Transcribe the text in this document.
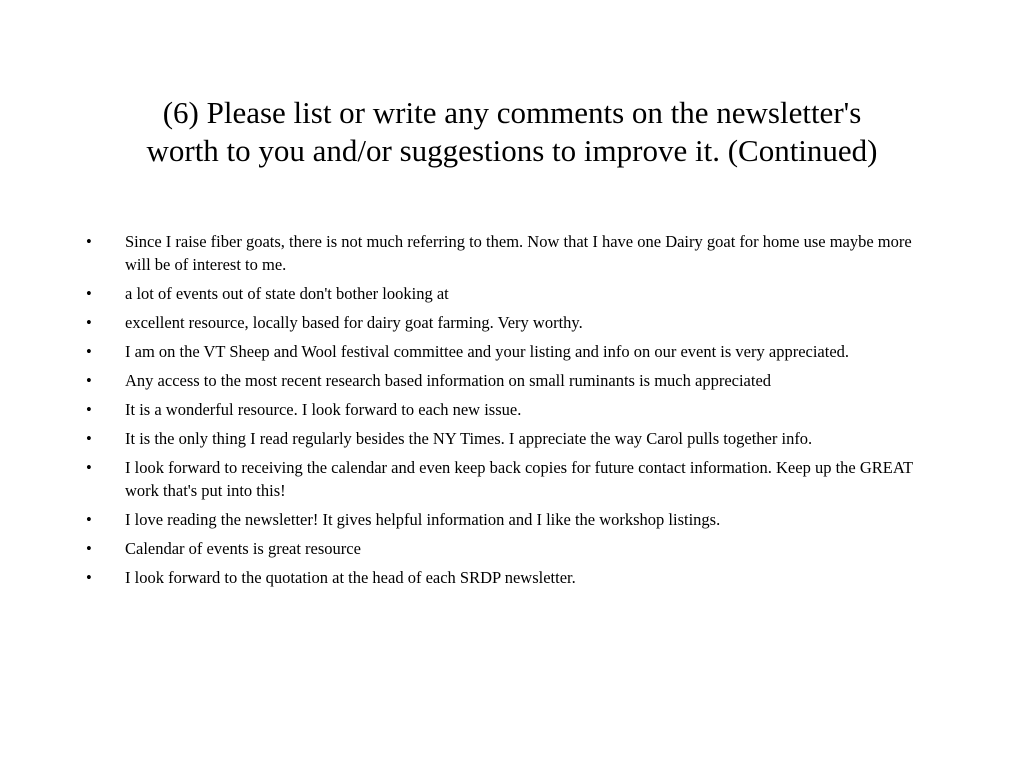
(6) Please list or write any comments on the newsletter's
worth to you and/or suggestions to improve it. (Continued)
•	Since I raise fiber goats, there is not much referring to them. Now that I have one Dairy goat for home use maybe more will be of interest to me.
•	a lot of events out of state don't bother looking at
•	excellent resource, locally based for dairy goat farming. Very worthy.
•	I am on the VT Sheep and Wool festival committee and your listing and info on our event is very appreciated.
•	Any access to the most recent research based information on small ruminants is much appreciated
•	It is a wonderful resource. I look forward to each new issue.
•	It is the only thing I read regularly besides the NY Times. I appreciate the way Carol pulls together info.
•	I look forward to receiving the calendar and even keep back copies for future contact information. Keep up the GREAT work that's put into this!
•	I love reading the newsletter! It gives helpful information and I like the workshop listings.
•	Calendar of events is great resource
•	I look forward to the quotation at the head of each SRDP newsletter.
